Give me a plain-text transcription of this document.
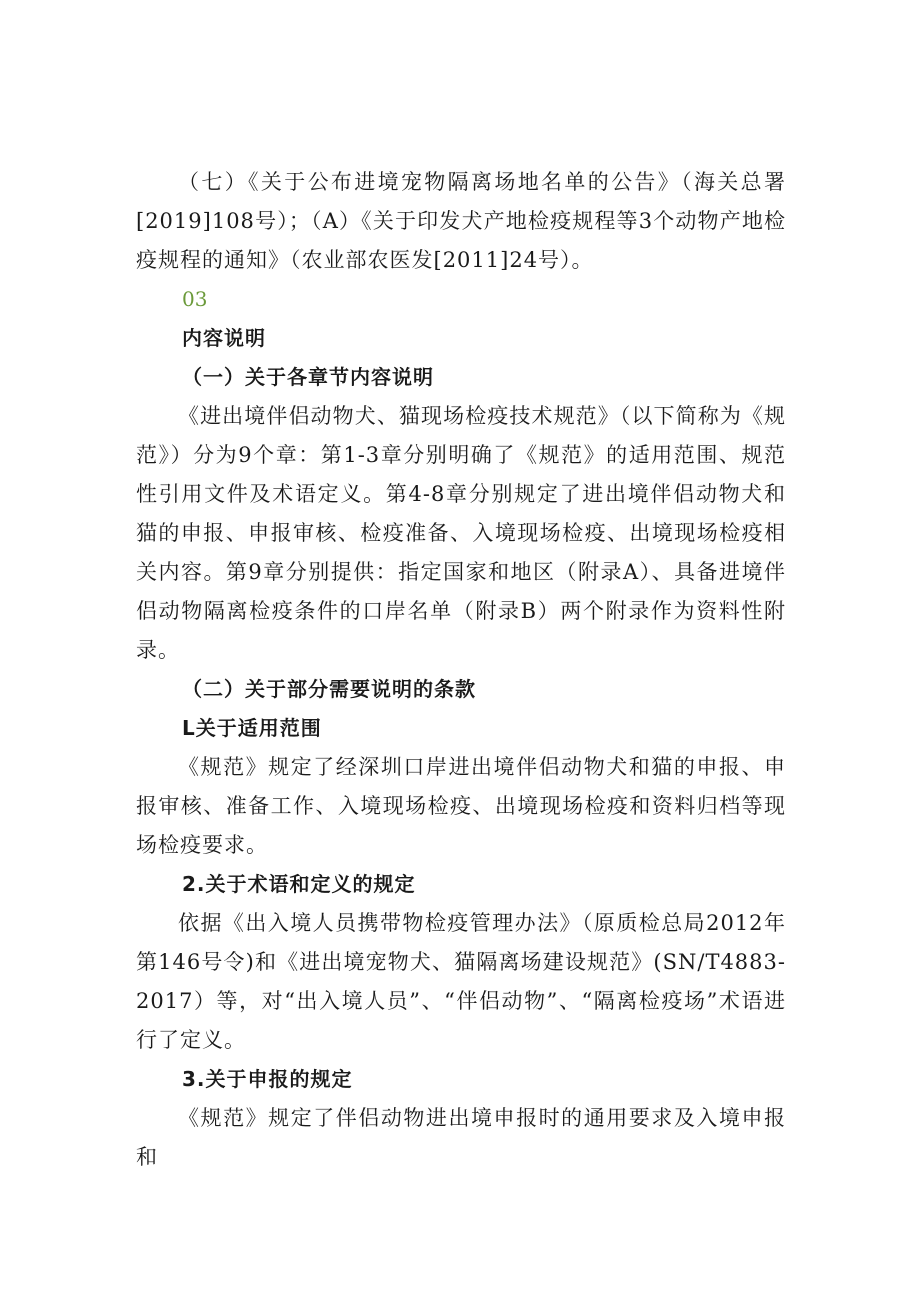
（七）《关于公布进境宠物隔离场地名单的公告》（海关总署[2019]108号）；（A）《关于印发犬产地检疫规程等3个动物产地检疫规程的通知》（农业部农医发[2011]24号）。

03

内容说明

（一）关于各章节内容说明

《进出境伴侣动物犬、猫现场检疫技术规范》（以下简称为《规范》）分为9个章：第1-3章分别明确了《规范》的适用范围、规范性引用文件及术语定义。第4-8章分别规定了进出境伴侣动物犬和猫的申报、申报审核、检疫准备、入境现场检疫、出境现场检疫相关内容。第9章分别提供：指定国家和地区（附录A）、具备进境伴侣动物隔离检疫条件的口岸名单（附录B）两个附录作为资料性附录。

（二）关于部分需要说明的条款

L关于适用范围

《规范》规定了经深圳口岸进出境伴侣动物犬和猫的申报、申报审核、准备工作、入境现场检疫、出境现场检疫和资料归档等现场检疫要求。

2.关于术语和定义的规定

依据《出入境人员携带物检疫管理办法》（原质检总局2012年第146号令)和《进出境宠物犬、猫隔离场建设规范》(SN/T4883-2017）等，对“出入境人员”、“伴侣动物”、“隔离检疫场”术语进行了定义。

3.关于申报的规定

《规范》规定了伴侣动物进出境申报时的通用要求及入境申报和
